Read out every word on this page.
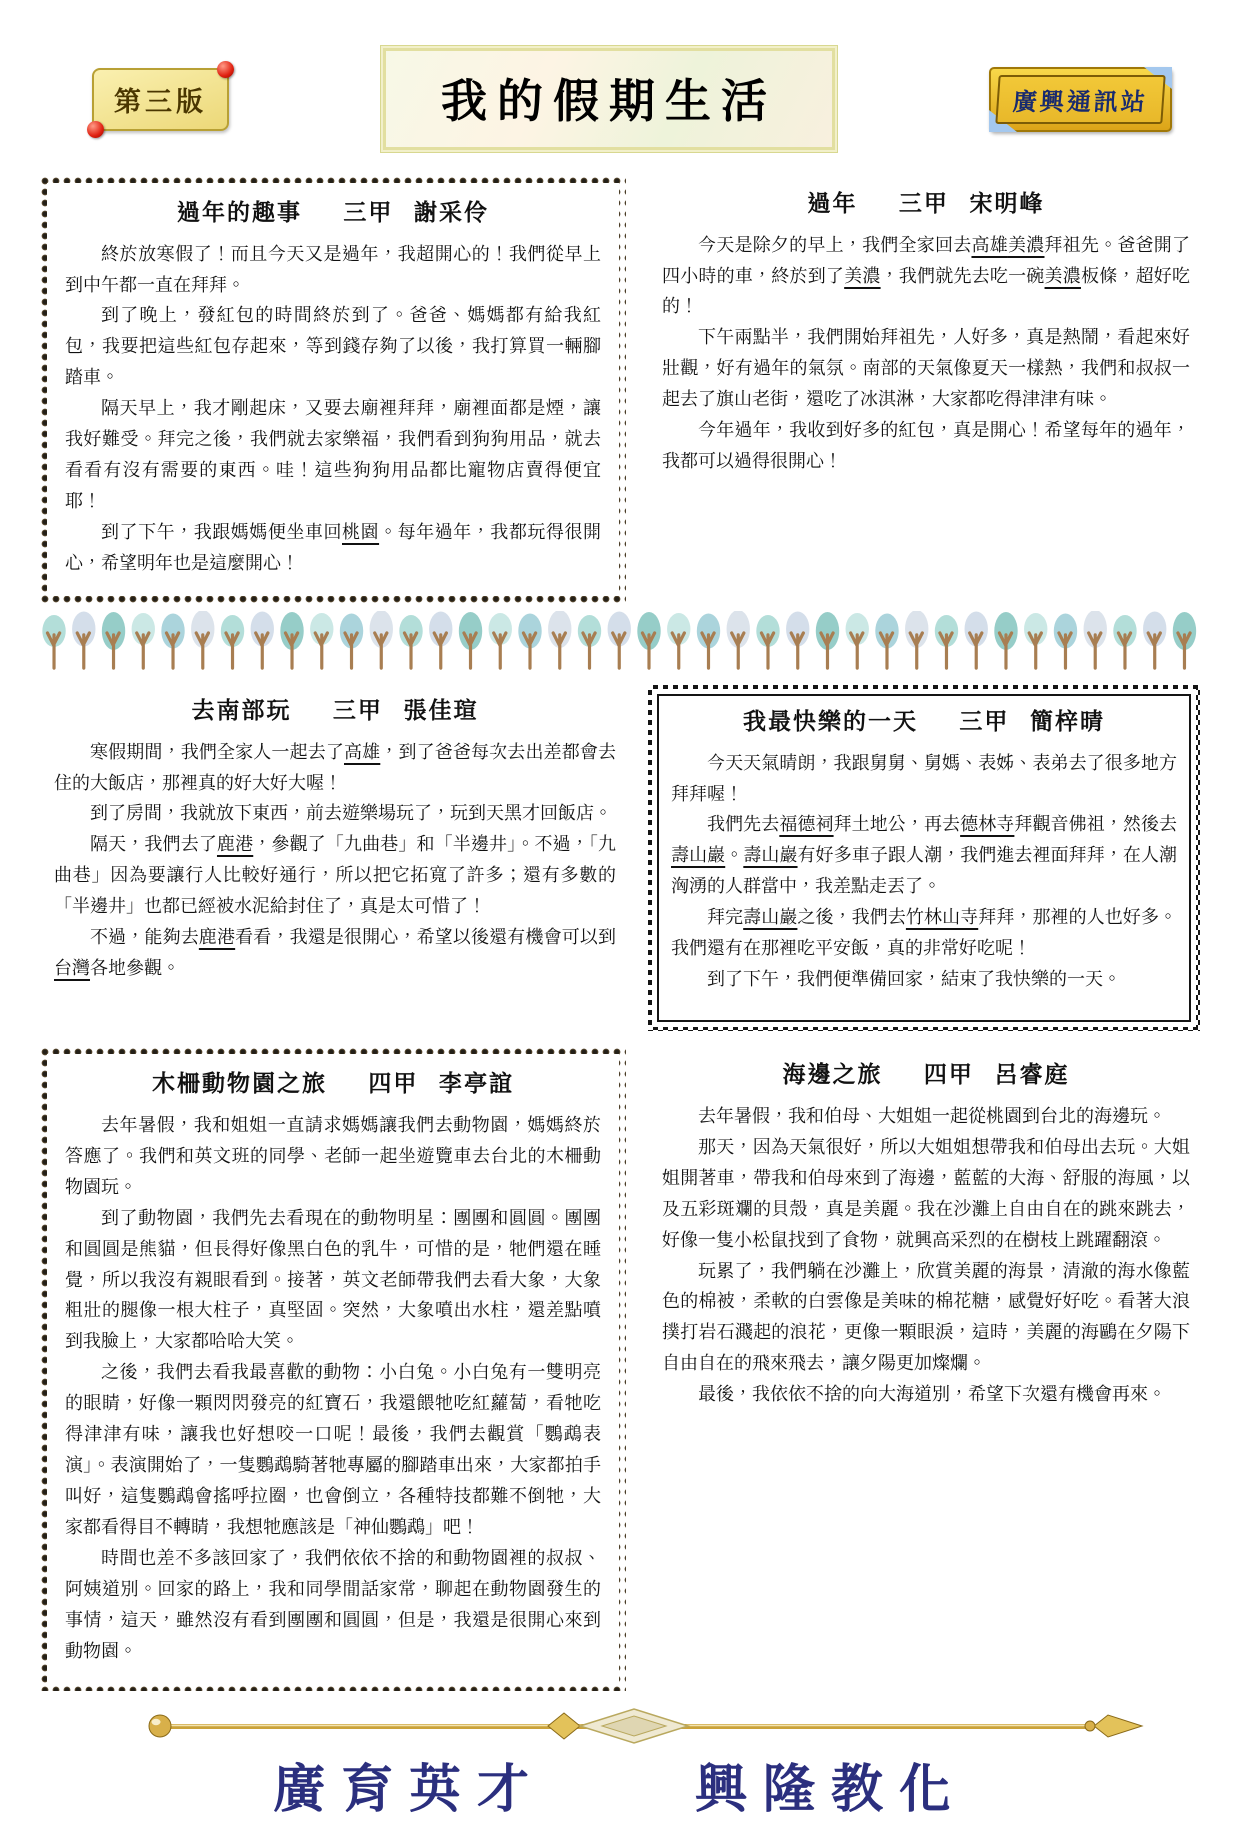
第三版	我的假期生活	廣興通訊站
過年的趣事 三甲 謝采伶

終於放寒假了！而且今天又是過年，我超開心的！我們從早上到中午都一直在拜拜。

到了晚上，發紅包的時間終於到了。爸爸、媽媽都有給我紅包，我要把這些紅包存起來，等到錢存夠了以後，我打算買一輛腳踏車。

隔天早上，我才剛起床，又要去廟裡拜拜，廟裡面都是煙，讓我好難受。拜完之後，我們就去家樂福，我們看到狗狗用品，就去看看有沒有需要的東西。哇！這些狗狗用品都比寵物店賣得便宜耶！

到了下午，我跟媽媽便坐車回桃園。每年過年，我都玩得很開心，希望明年也是這麼開心！

過年 三甲 宋明峰

今天是除夕的早上，我們全家回去高雄美濃拜祖先。爸爸開了四小時的車，終於到了美濃，我們就先去吃一碗美濃板條，超好吃的！

下午兩點半，我們開始拜祖先，人好多，真是熱鬧，看起來好壯觀，好有過年的氣氛。南部的天氣像夏天一樣熱，我們和叔叔一起去了旗山老街，還吃了冰淇淋，大家都吃得津津有味。

今年過年，我收到好多的紅包，真是開心！希望每年的過年，我都可以過得很開心！

去南部玩 三甲 張佳瑄

寒假期間，我們全家人一起去了高雄，到了爸爸每次去出差都會去住的大飯店，那裡真的好大好大喔！

到了房間，我就放下東西，前去遊樂場玩了，玩到天黑才回飯店。

隔天，我們去了鹿港，參觀了「九曲巷」和「半邊井」。不過，「九曲巷」因為要讓行人比較好通行，所以把它拓寬了許多；還有多數的「半邊井」也都已經被水泥給封住了，真是太可惜了！

不過，能夠去鹿港看看，我還是很開心，希望以後還有機會可以到台灣各地參觀。

我最快樂的一天 三甲 簡梓晴

今天天氣晴朗，我跟舅舅、舅媽、表姊、表弟去了很多地方拜拜喔！

我們先去福德祠拜土地公，再去德林寺拜觀音佛祖，然後去壽山巖。壽山巖有好多車子跟人潮，我們進去裡面拜拜，在人潮洶湧的人群當中，我差點走丟了。

拜完壽山巖之後，我們去竹林山寺拜拜，那裡的人也好多。我們還有在那裡吃平安飯，真的非常好吃呢！

到了下午，我們便準備回家，結束了我快樂的一天。

木柵動物園之旅 四甲 李亭誼

去年暑假，我和姐姐一直請求媽媽讓我們去動物園，媽媽終於答應了。我們和英文班的同學、老師一起坐遊覽車去台北的木柵動物園玩。

到了動物園，我們先去看現在的動物明星：團團和圓圓。團團和圓圓是熊貓，但長得好像黑白色的乳牛，可惜的是，牠們還在睡覺，所以我沒有親眼看到。接著，英文老師帶我們去看大象，大象粗壯的腿像一根大柱子，真堅固。突然，大象噴出水柱，還差點噴到我臉上，大家都哈哈大笑。

之後，我們去看我最喜歡的動物：小白兔。小白兔有一雙明亮的眼睛，好像一顆閃閃發亮的紅寶石，我還餵牠吃紅蘿蔔，看牠吃得津津有味，讓我也好想咬一口呢！最後，我們去觀賞「鸚鵡表演」。表演開始了，一隻鸚鵡騎著牠專屬的腳踏車出來，大家都拍手叫好，這隻鸚鵡會搖呼拉圈，也會倒立，各種特技都難不倒牠，大家都看得目不轉睛，我想牠應該是「神仙鸚鵡」吧！

時間也差不多該回家了，我們依依不捨的和動物園裡的叔叔、阿姨道別。回家的路上，我和同學閒話家常，聊起在動物園發生的事情，這天，雖然沒有看到團團和圓圓，但是，我還是很開心來到動物園。

海邊之旅 四甲 呂睿庭

去年暑假，我和伯母、大姐姐一起從桃園到台北的海邊玩。

那天，因為天氣很好，所以大姐姐想帶我和伯母出去玩。大姐姐開著車，帶我和伯母來到了海邊，藍藍的大海、舒服的海風，以及五彩斑斕的貝殼，真是美麗。我在沙灘上自由自在的跳來跳去，好像一隻小松鼠找到了食物，就興高采烈的在樹枝上跳躍翻滾。

玩累了，我們躺在沙灘上，欣賞美麗的海景，清澈的海水像藍色的棉被，柔軟的白雲像是美味的棉花糖，感覺好好吃。看著大浪撲打岩石濺起的浪花，更像一顆眼淚，這時，美麗的海鷗在夕陽下自由自在的飛來飛去，讓夕陽更加燦爛。

最後，我依依不捨的向大海道別，希望下次還有機會再來。

廣育英才	興隆教化
